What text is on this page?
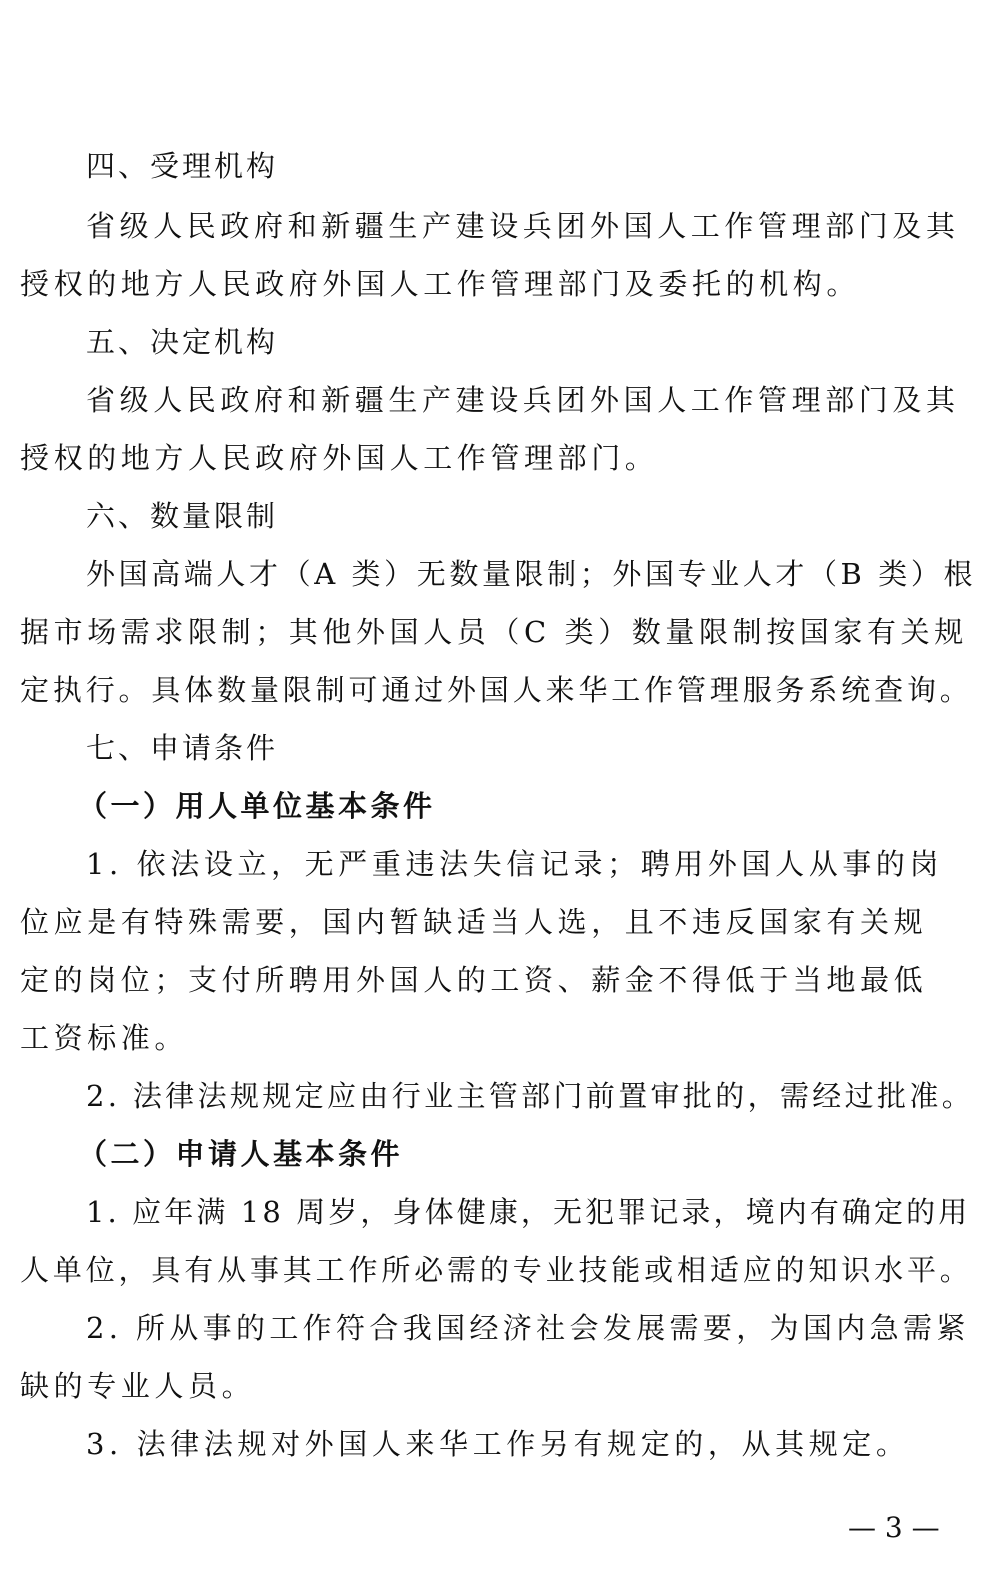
四、受理机构
省级人民政府和新疆生产建设兵团外国人工作管理部门及其
授权的地方人民政府外国人工作管理部门及委托的机构。
五、决定机构
省级人民政府和新疆生产建设兵团外国人工作管理部门及其
授权的地方人民政府外国人工作管理部门。
六、数量限制
外国高端人才（A 类）无数量限制；外国专业人才（B 类）根
据市场需求限制；其他外国人员（C 类）数量限制按国家有关规
定执行。具体数量限制可通过外国人来华工作管理服务系统查询。
七、申请条件
（一）用人单位基本条件
1. 依法设立，无严重违法失信记录；聘用外国人从事的岗
位应是有特殊需要，国内暂缺适当人选，且不违反国家有关规
定的岗位；支付所聘用外国人的工资、薪金不得低于当地最低
工资标准。
2. 法律法规规定应由行业主管部门前置审批的，需经过批准。
（二）申请人基本条件
1. 应年满 18 周岁，身体健康，无犯罪记录，境内有确定的用
人单位，具有从事其工作所必需的专业技能或相适应的知识水平。
2. 所从事的工作符合我国经济社会发展需要，为国内急需紧
缺的专业人员。
3. 法律法规对外国人来华工作另有规定的，从其规定。
— 3 —
